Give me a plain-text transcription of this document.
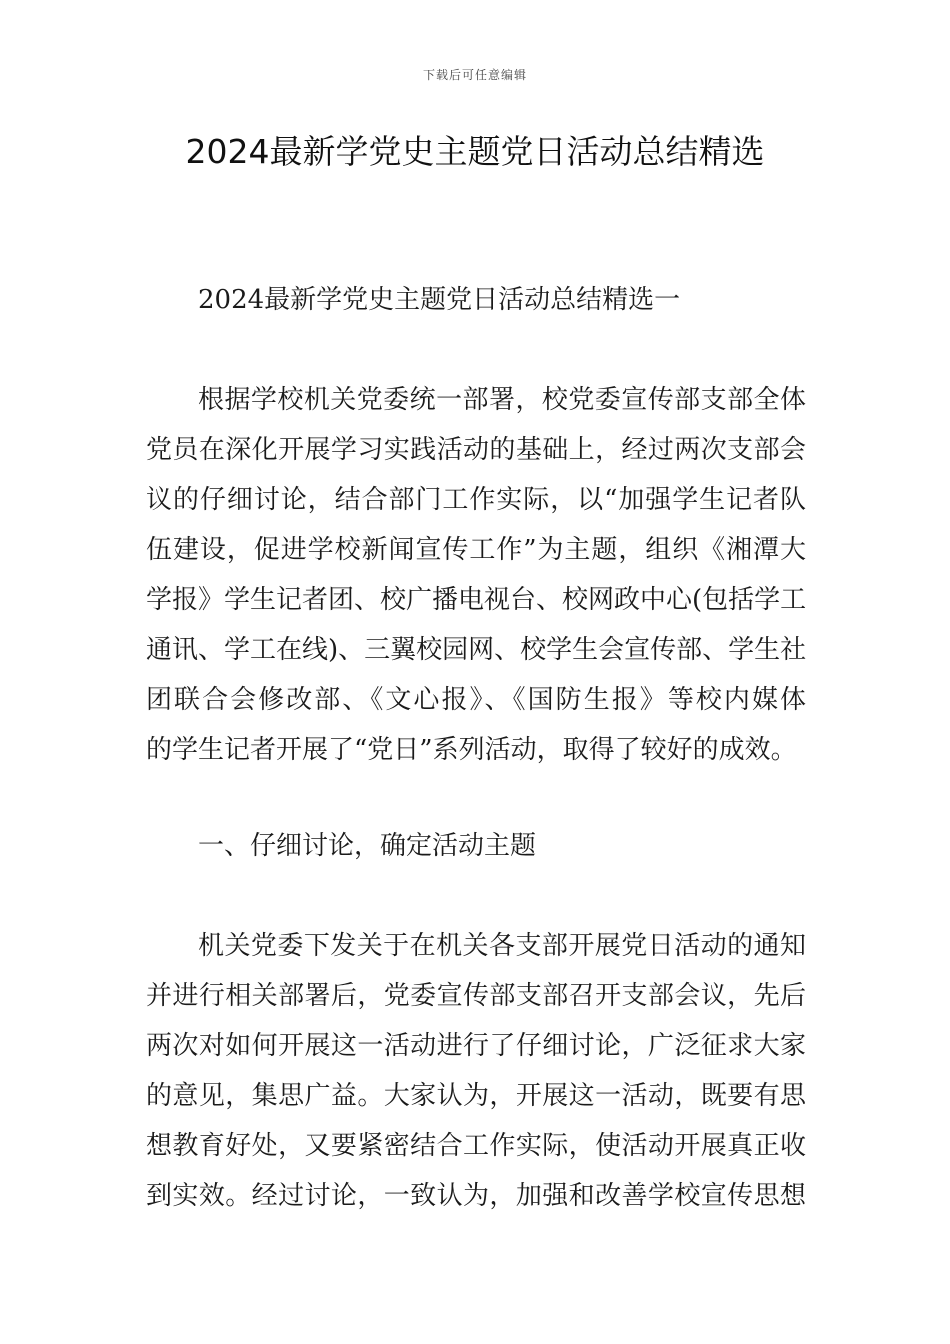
下载后可任意编辑
2024最新学党史主题党日活动总结精选

2024最新学党史主题党日活动总结精选一

根据学校机关党委统一部署，校党委宣传部支部全体

党员在深化开展学习实践活动的基础上，经过两次支部会

议的仔细讨论，结合部门工作实际，以“加强学生记者队

伍建设，促进学校新闻宣传工作”为主题，组织《湘潭大

学报》学生记者团、校广播电视台、校网政中心(包括学工

通讯、学工在线)、三翼校园网、校学生会宣传部、学生社

团联合会修改部、《文心报》、《国防生报》等校内媒体

的学生记者开展了“党日”系列活动，取得了较好的成效。

一、仔细讨论，确定活动主题

机关党委下发关于在机关各支部开展党日活动的通知

并进行相关部署后，党委宣传部支部召开支部会议，先后

两次对如何开展这一活动进行了仔细讨论，广泛征求大家

的意见，集思广益。大家认为，开展这一活动，既要有思

想教育好处，又要紧密结合工作实际，使活动开展真正收

到实效。经过讨论，一致认为，加强和改善学校宣传思想
